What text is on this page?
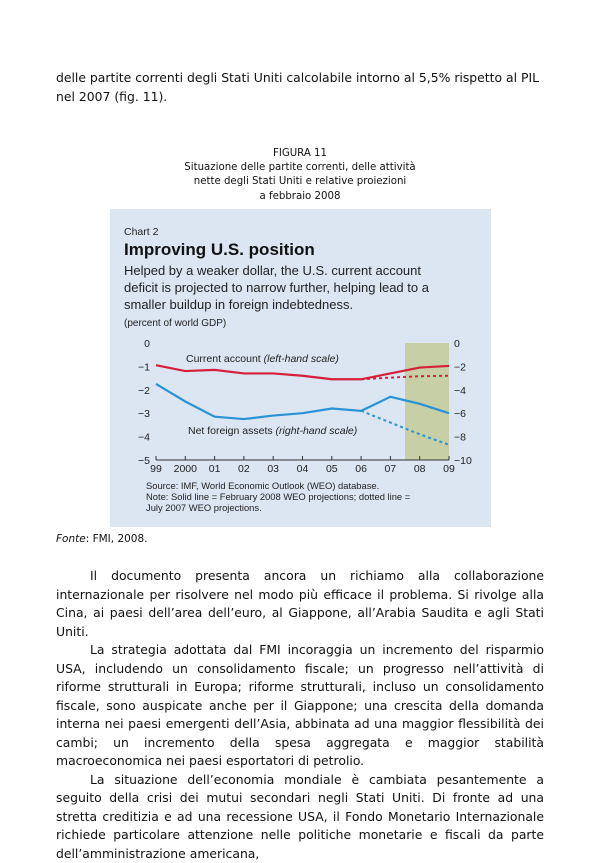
delle partite correnti degli Stati Uniti calcolabile intorno al 5,5% rispetto al PIL nel 2007 (fig. 11).

FIGURA 11
Situazione delle partite correnti, delle attività
nette degli Stati Uniti e relative proiezioni
a febbraio 2008
Chart 2
Improving U.S. position
Helped by a weaker dollar, the U.S. current account
deficit is projected to narrow further, helping lead to a
smaller buildup in foreign indebtedness.
(percent of world GDP)
99 2000 01 02 03 04 05 06 07 08 09
0
−1
−2
−3
−4
−5
0
−2
−4
−6
−8
−10
Current account (left-hand scale)
Net foreign assets (right-hand scale)
Source: IMF, World Economic Outlook (WEO) database.
Note: Solid line = February 2008 WEO projections; dotted line =
July 2007 WEO projections.
Fonte: FMI, 2008.

Il documento presenta ancora un richiamo alla collaborazione internazionale per risolvere nel modo più efficace il problema. Si rivolge alla Cina, ai paesi dell’area dell’euro, al Giappone, all’Arabia Saudita e agli Stati Uniti.

La strategia adottata dal FMI incoraggia un incremento del risparmio USA, includendo un consolidamento fiscale; un progresso nell’attività di riforme strutturali in Europa; riforme strutturali, incluso un consolidamento fiscale, sono auspicate anche per il Giappone; una crescita della domanda interna nei paesi emergenti dell’Asia, abbinata ad una maggior flessibilità dei cambi; un incremento della spesa aggregata e maggior stabilità macroeconomica nei paesi esportatori di petrolio.

La situazione dell’economia mondiale è cambiata pesantemente a seguito della crisi dei mutui secondari negli Stati Uniti. Di fronte ad una stretta creditizia e ad una recessione USA, il Fondo Monetario Internazionale richiede particolare attenzione nelle politiche monetarie e fiscali da parte dell’amministrazione americana,
